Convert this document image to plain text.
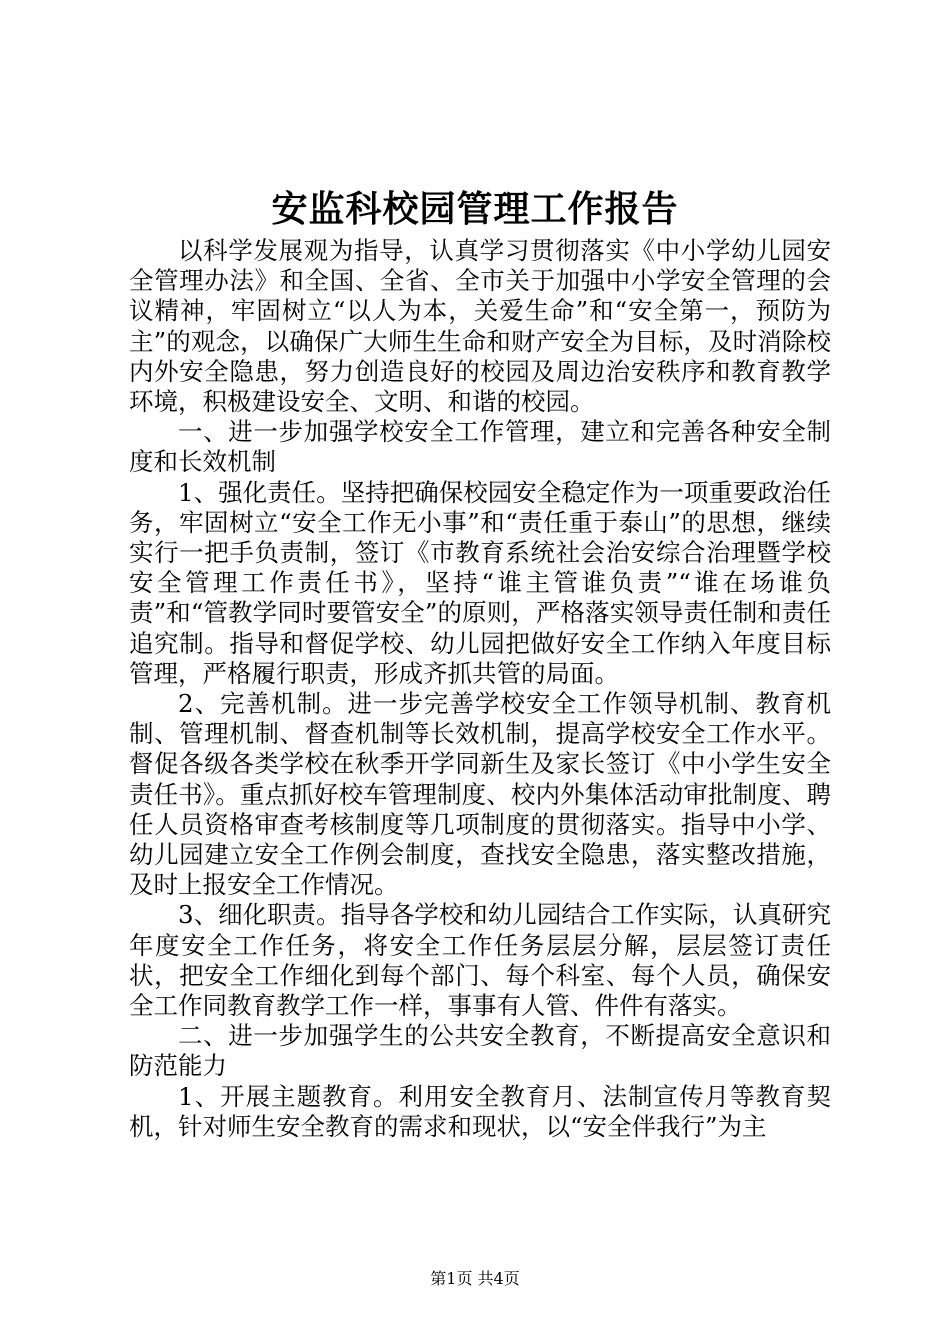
安监科校园管理工作报告

以科学发展观为指导，认真学习贯彻落实《中小学幼儿园安全管理办法》和全国、全省、全市关于加强中小学安全管理的会议精神，牢固树立“以人为本，关爱生命”和“安全第一，预防为主”的观念，以确保广大师生生命和财产安全为目标，及时消除校内外安全隐患，努力创造良好的校园及周边治安秩序和教育教学环境，积极建设安全、文明、和谐的校园。

一、进一步加强学校安全工作管理，建立和完善各种安全制度和长效机制

1、强化责任。坚持把确保校园安全稳定作为一项重要政治任务，牢固树立“安全工作无小事”和“责任重于泰山”的思想，继续实行一把手负责制，签订《市教育系统社会治安综合治理暨学校安全管理工作责任书》，坚持“谁主管谁负责”“谁在场谁负责”和“管教学同时要管安全”的原则，严格落实领导责任制和责任追究制。指导和督促学校、幼儿园把做好安全工作纳入年度目标管理，严格履行职责，形成齐抓共管的局面。

2、完善机制。进一步完善学校安全工作领导机制、教育机制、管理机制、督查机制等长效机制，提高学校安全工作水平。督促各级各类学校在秋季开学同新生及家长签订《中小学生安全责任书》。重点抓好校车管理制度、校内外集体活动审批制度、聘任人员资格审查考核制度等几项制度的贯彻落实。指导中小学、幼儿园建立安全工作例会制度，查找安全隐患，落实整改措施，及时上报安全工作情况。

3、细化职责。指导各学校和幼儿园结合工作实际，认真研究年度安全工作任务，将安全工作任务层层分解，层层签订责任状，把安全工作细化到每个部门、每个科室、每个人员，确保安全工作同教育教学工作一样，事事有人管、件件有落实。

二、进一步加强学生的公共安全教育，不断提高安全意识和防范能力

1、开展主题教育。利用安全教育月、法制宣传月等教育契机，针对师生安全教育的需求和现状，以“安全伴我行”为主

第1页 共4页
